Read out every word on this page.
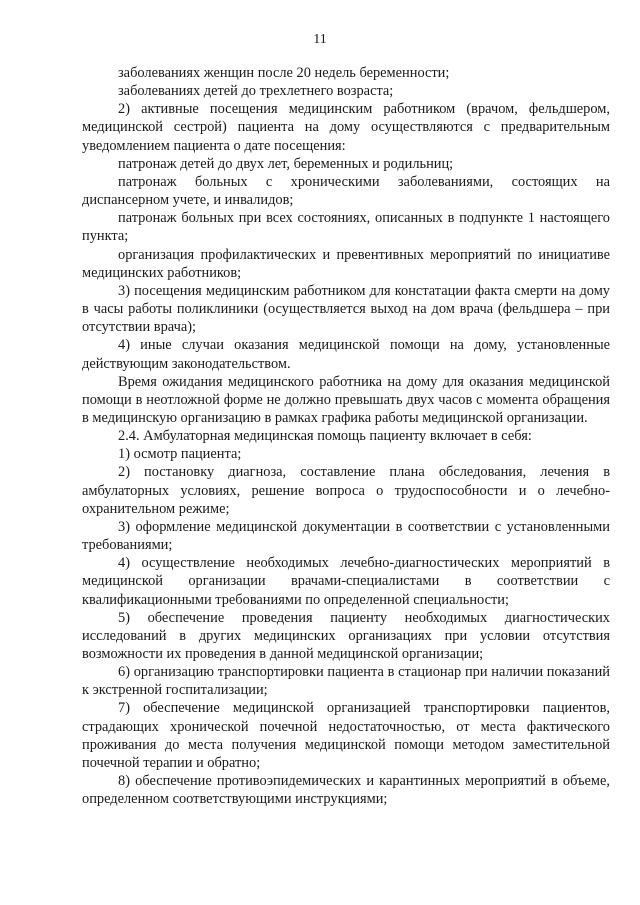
11

заболеваниях женщин после 20 недель беременности;

заболеваниях детей до трехлетнего возраста;

2) активные посещения медицинским работником (врачом, фельдшером, медицинской сестрой) пациента на дому осуществляются с предварительным уведомлением пациента о дате посещения:

патронаж детей до двух лет, беременных и родильниц;

патронаж больных с хроническими заболеваниями, состоящих на диспансерном учете, и инвалидов;

патронаж больных при всех состояниях, описанных в подпункте 1 настоящего пункта;

организация профилактических и превентивных мероприятий по инициативе медицинских работников;

3) посещения медицинским работником для констатации факта смерти на дому в часы работы поликлиники (осуществляется выход на дом врача (фельдшера – при отсутствии врача);

4) иные случаи оказания медицинской помощи на дому, установленные действующим законодательством.

Время ожидания медицинского работника на дому для оказания медицинской помощи в неотложной форме не должно превышать двух часов с момента обращения в медицинскую организацию в рамках графика работы медицинской организации.

2.4. Амбулаторная медицинская помощь пациенту включает в себя:

1) осмотр пациента;

2) постановку диагноза, составление плана обследования, лечения в амбулаторных условиях, решение вопроса о трудоспособности и о лечебно-охранительном режиме;

3) оформление медицинской документации в соответствии с установленными требованиями;

4) осуществление необходимых лечебно-диагностических мероприятий в медицинской организации врачами-специалистами в соответствии с квалификационными требованиями по определенной специальности;

5) обеспечение проведения пациенту необходимых диагностических исследований в других медицинских организациях при условии отсутствия возможности их проведения в данной медицинской организации;

6) организацию транспортировки пациента в стационар при наличии показаний к экстренной госпитализации;

7) обеспечение медицинской организацией транспортировки пациентов, страдающих хронической почечной недостаточностью, от места фактического проживания до места получения медицинской помощи методом заместительной почечной терапии и обратно;

8) обеспечение противоэпидемических и карантинных мероприятий в объеме, определенном соответствующими инструкциями;
